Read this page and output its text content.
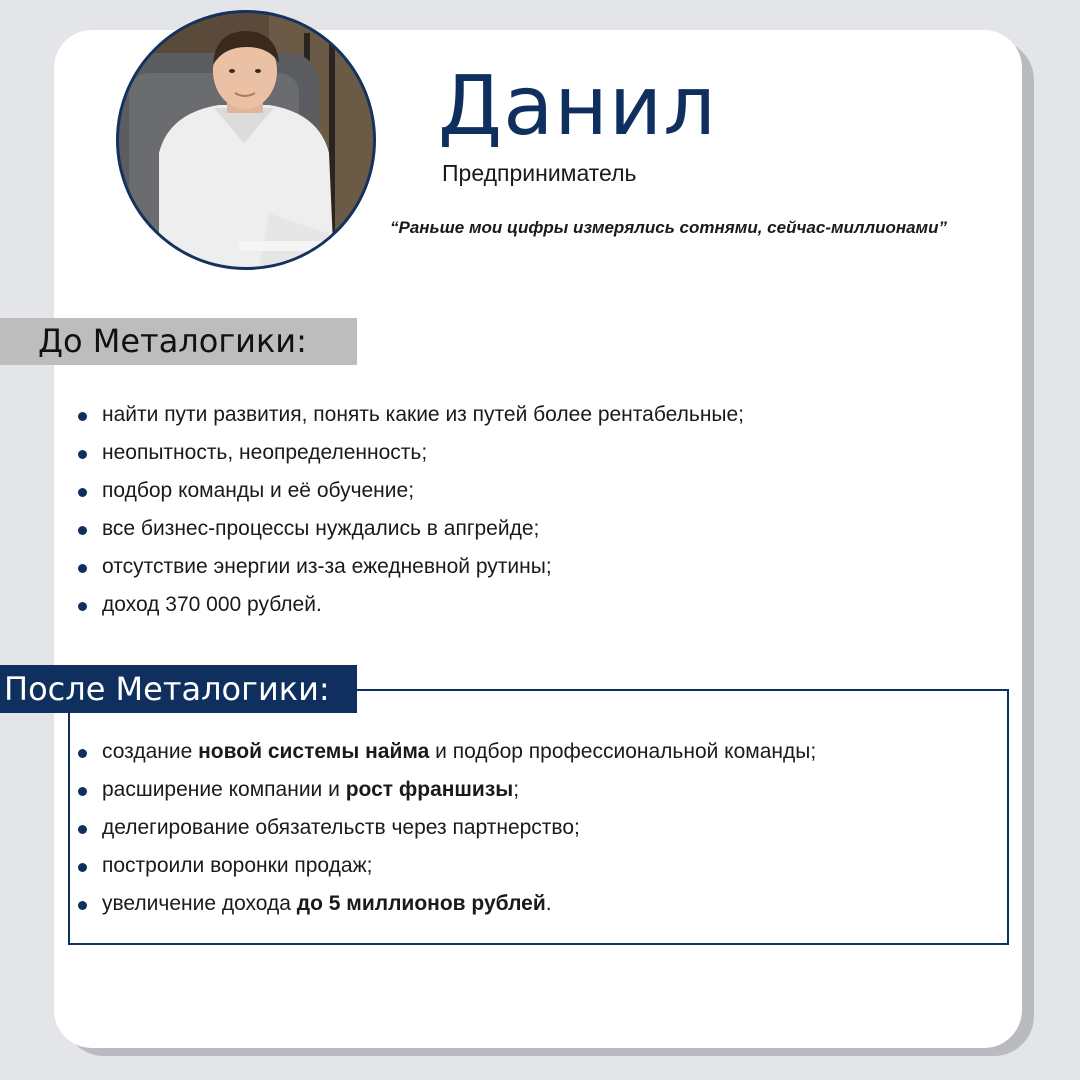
Данил
Предприниматель
“Раньше мои цифры измерялись сотнями, сейчас-миллионами”
До Металогики:
найти пути развития, понять какие из путей более рентабельные;
неопытность, неопределенность;
подбор команды и её обучение;
все бизнес-процессы нуждались в апгрейде;
отсутствие энергии из-за ежедневной рутины;
доход 370 000 рублей.
После Металогики:
создание новой системы найма и подбор профессиональной команды;
расширение компании и рост франшизы;
делегирование обязательств через партнерство;
построили воронки продаж;
увеличение дохода до 5 миллионов рублей.
